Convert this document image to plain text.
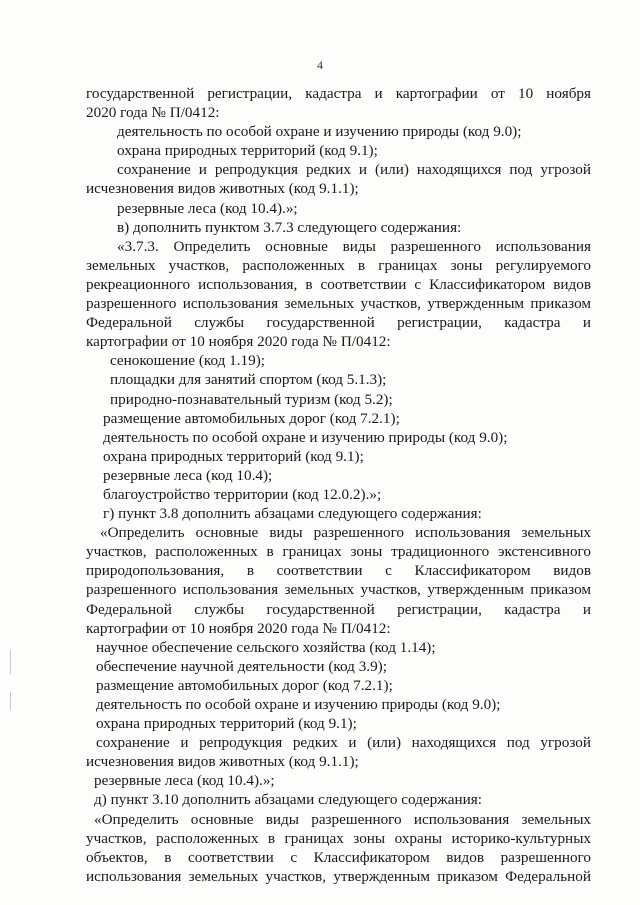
4
государственной регистрации, кадастра и картографии от 10 ноября
2020 года № П/0412:
деятельность по особой охране и изучению природы (код 9.0);
охрана природных территорий (код 9.1);
сохранение и репродукция редких и (или) находящихся под угрозой
исчезновения видов животных (код 9.1.1);
резервные леса (код 10.4).»;
в) дополнить пунктом 3.7.3 следующего содержания:
«3.7.3. Определить основные виды разрешенного использования
земельных участков, расположенных в границах зоны регулируемого
рекреационного использования, в соответствии с Классификатором видов
разрешенного использования земельных участков, утвержденным приказом
Федеральной службы государственной регистрации, кадастра и
картографии от 10 ноября 2020 года № П/0412:
сенокошение (код 1.19);
площадки для занятий спортом (код 5.1.3);
природно-познавательный туризм (код 5.2);
размещение автомобильных дорог (код 7.2.1);
деятельность по особой охране и изучению природы (код 9.0);
охрана природных территорий (код 9.1);
резервные леса (код 10.4);
благоустройство территории (код 12.0.2).»;
г) пункт 3.8 дополнить абзацами следующего содержания:
«Определить основные виды разрешенного использования земельных
участков, расположенных в границах зоны традиционного экстенсивного
природопользования, в соответствии с Классификатором видов
разрешенного использования земельных участков, утвержденным приказом
Федеральной службы государственной регистрации, кадастра и
картографии от 10 ноября 2020 года № П/0412:
научное обеспечение сельского хозяйства (код 1.14);
обеспечение научной деятельности (код 3.9);
размещение автомобильных дорог (код 7.2.1);
деятельность по особой охране и изучению природы (код 9.0);
охрана природных территорий (код 9.1);
сохранение и репродукция редких и (или) находящихся под угрозой
исчезновения видов животных (код 9.1.1);
резервные леса (код 10.4).»;
д) пункт 3.10 дополнить абзацами следующего содержания:
«Определить основные виды разрешенного использования земельных
участков, расположенных в границах зоны охраны историко-культурных
объектов, в соответствии с Классификатором видов разрешенного
использования земельных участков, утвержденным приказом Федеральной
